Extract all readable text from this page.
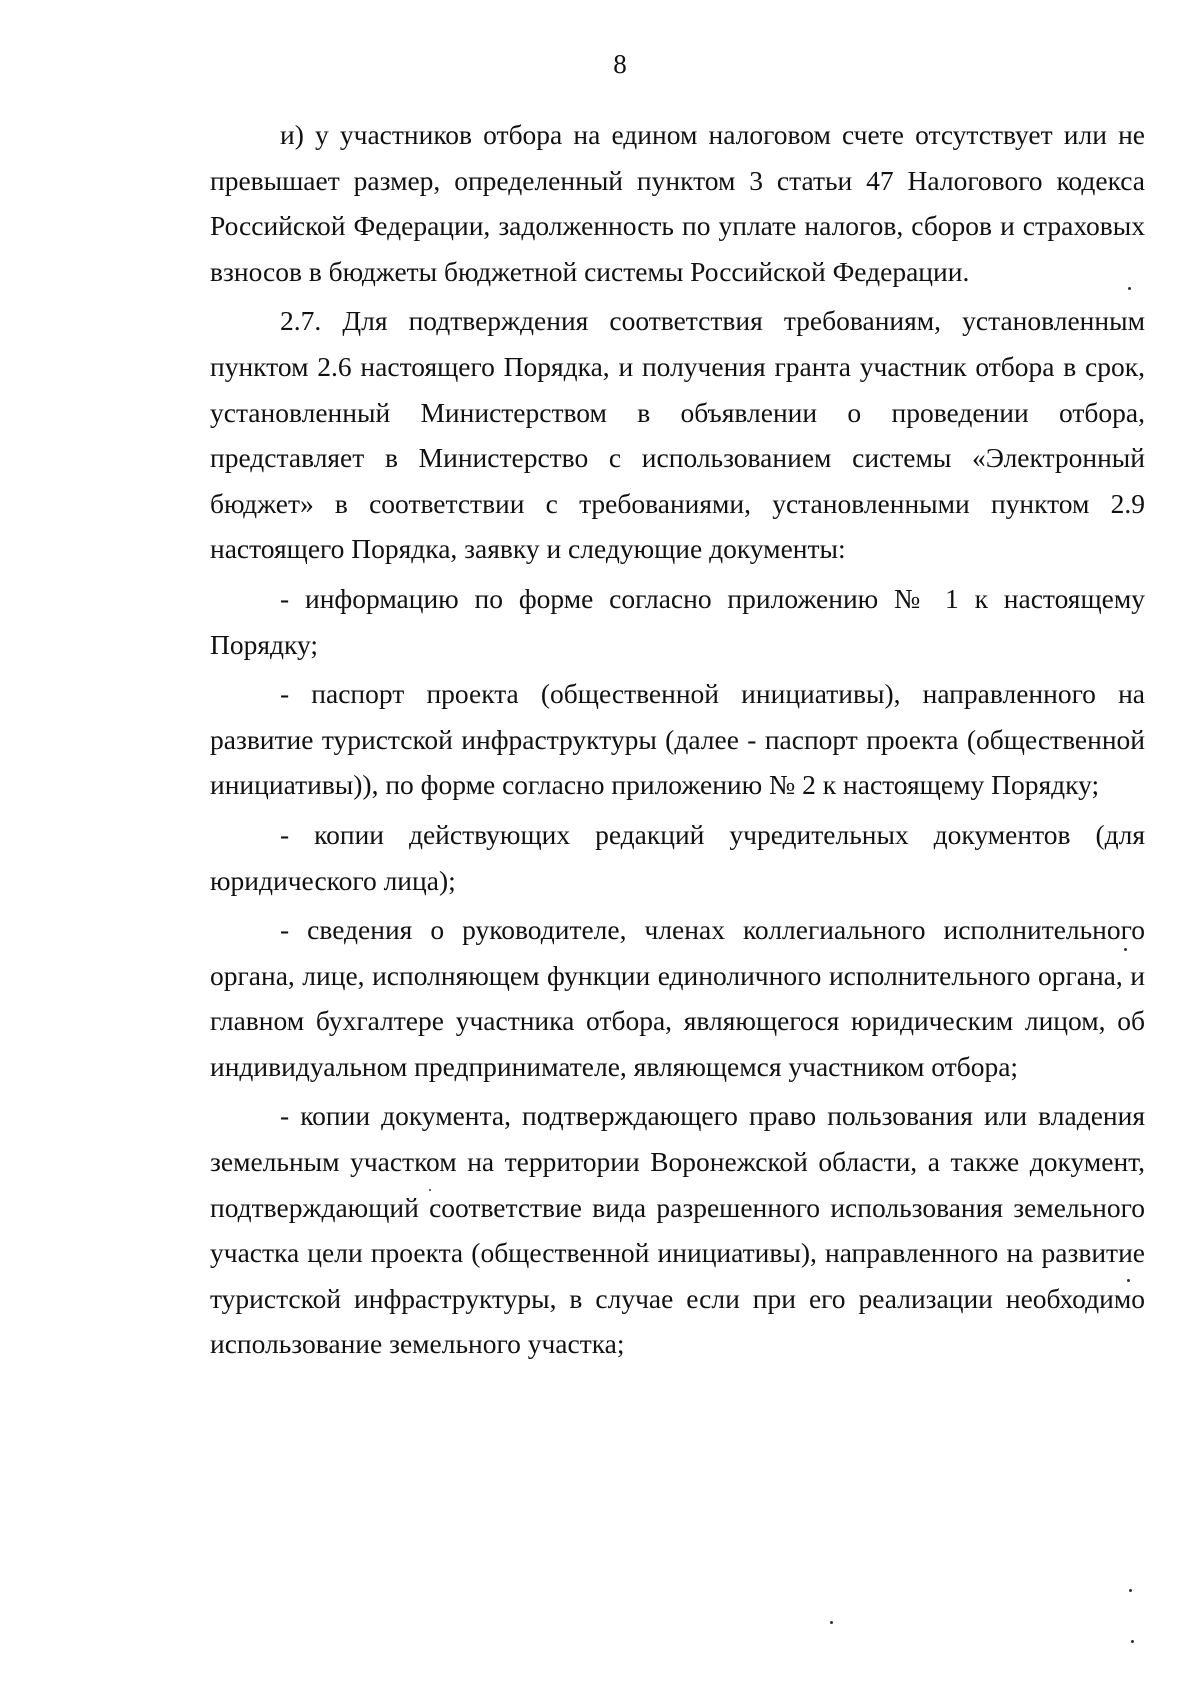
8

и) у участников отбора на едином налоговом счете отсутствует или не превышает размер, определенный пунктом 3 статьи 47 Налогового кодекса Российской Федерации, задолженность по уплате налогов, сборов и страховых взносов в бюджеты бюджетной системы Российской Федерации.

2.7. Для подтверждения соответствия требованиям, установленным пунктом 2.6 настоящего Порядка, и получения гранта участник отбора в срок, установленный Министерством в объявлении о проведении отбора, представляет в Министерство с использованием системы «Электронный бюджет» в соответствии с требованиями, установленными пунктом 2.9 настоящего Порядка, заявку и следующие документы:

- информацию по форме согласно приложению № 1 к настоящему Порядку;

- паспорт проекта (общественной инициативы), направленного на развитие туристской инфраструктуры (далее - паспорт проекта (общественной инициативы)), по форме согласно приложению № 2 к настоящему Порядку;

- копии действующих редакций учредительных документов (для юридического лица);

- сведения о руководителе, членах коллегиального исполнительного органа, лице, исполняющем функции единоличного исполнительного органа, и главном бухгалтере участника отбора, являющегося юридическим лицом, об индивидуальном предпринимателе, являющемся участником отбора;

- копии документа, подтверждающего право пользования или владения земельным участком на территории Воронежской области, а также документ, подтверждающий соответствие вида разрешенного использования земельного участка цели проекта (общественной инициативы), направленного на развитие туристской инфраструктуры, в случае если при его реализации необходимо использование земельного участка;
